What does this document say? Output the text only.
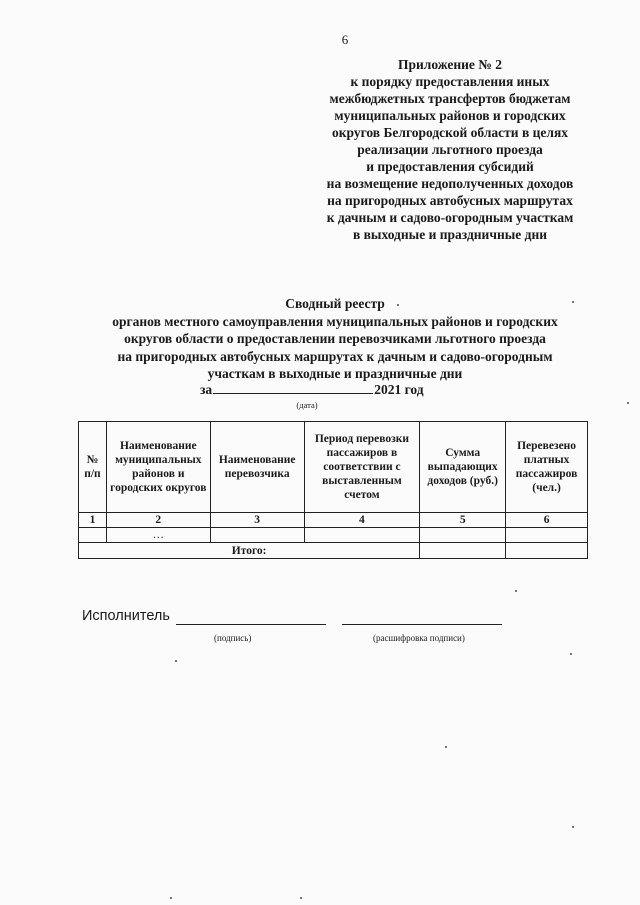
6
Приложение № 2
к порядку предоставления иных
межбюджетных трансфертов бюджетам
муниципальных районов и городских
округов Белгородской области в целях
реализации льготного проезда
и предоставления субсидий
на возмещение недополученных доходов
на пригородных автобусных маршрутах
к дачным и садово-огородным участкам
в выходные и праздничные дни
Сводный реестр
органов местного самоуправления муниципальных районов и городских
округов области о предоставлении перевозчиками льготного проезда
на пригородных автобусных маршрутах к дачным и садово-огородным
участкам в выходные и праздничные дни
за	2021 год
(дата)
№ п/п	Наименование муниципальных районов и городских округов	Наименование перевозчика	Период перевозки пассажиров в соответствии с выставленным счетом	Сумма выпадающих доходов (руб.)	Перевезено платных пассажиров (чел.)
1	2	3	4	5	6
	…				
Итого:					
Исполнитель
(подпись)	(расшифровка подписи)
